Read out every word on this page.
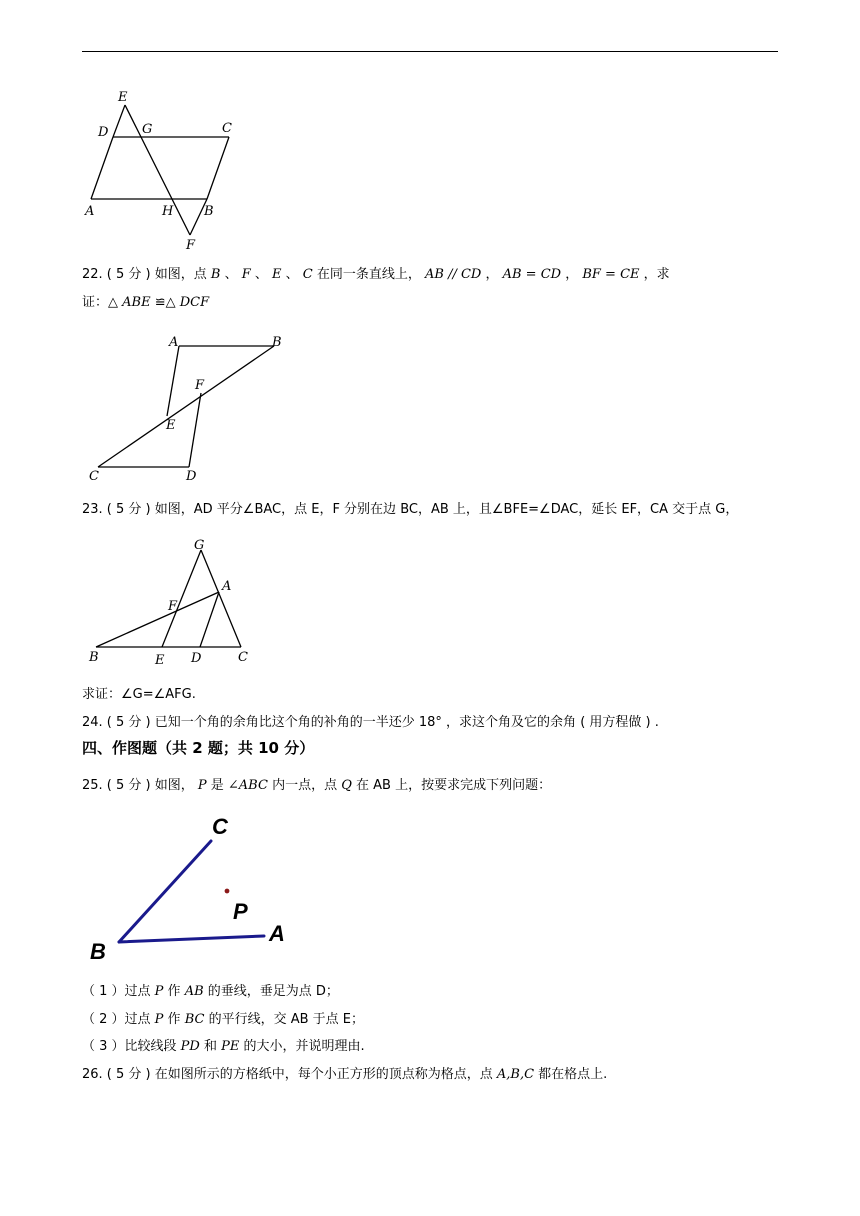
E
D	G	C
A	H B
F
22. ( 5 分 ) 如图，点 B 、 F 、 E 、 C 在同一条直线上， AB // CD ， AB = CD ， BF = CE ，求
证：△ ABE ≌△ DCF
A	B
F
E
C	D
23. ( 5 分 ) 如图，AD 平分∠BAC，点 E，F 分别在边 BC，AB 上，且∠BFE=∠DAC，延长 EF，CA 交于点 G，
G
A
F
B	E D	C
求证：∠G=∠AFG.
24. ( 5 分 ) 已知一个角的余角比这个角的补角的一半还少 18° ，求这个角及它的余角 ( 用方程做 ) .
四、作图题（共 2 题；共 10 分）
25. ( 5 分 ) 如图， P 是 ∠ABC 内一点，点 Q 在 AB 上，按要求完成下列问题：
C
P
B
A
（ 1 ）过点 P 作 AB 的垂线，垂足为点 D；
（ 2 ）过点 P 作 BC 的平行线，交 AB 于点 E；
（ 3 ）比较线段 PD 和 PE 的大小，并说明理由.
26. ( 5 分 ) 在如图所示的方格纸中，每个小正方形的顶点称为格点，点 A,B,C 都在格点上.
